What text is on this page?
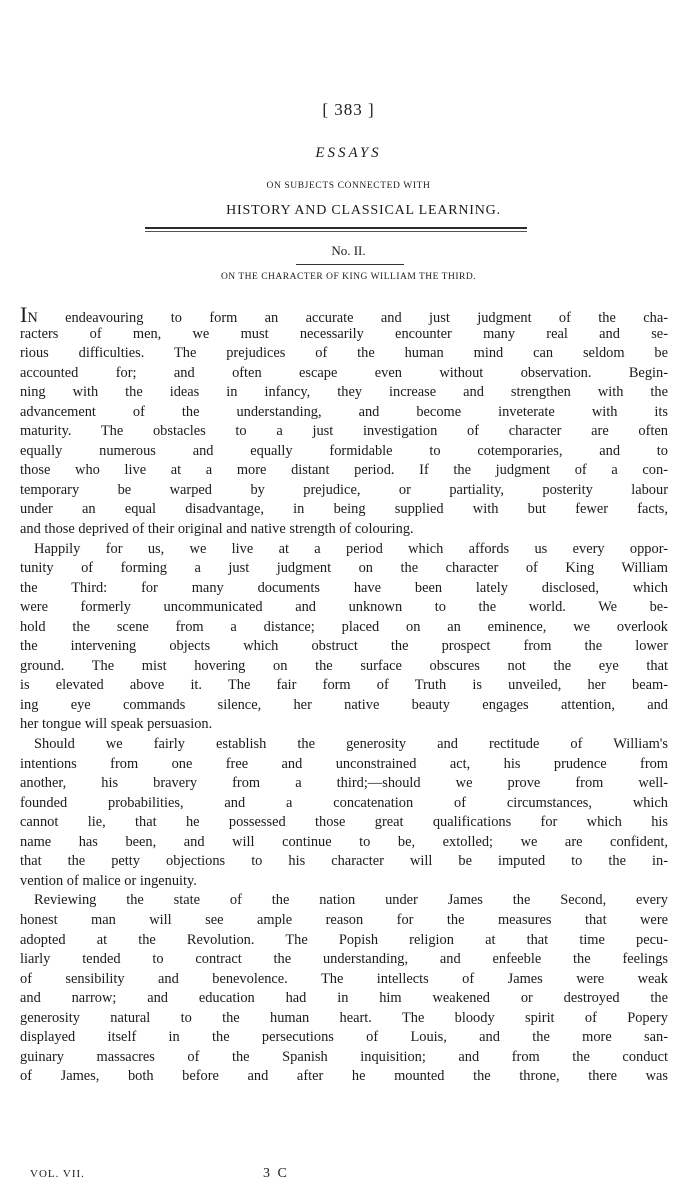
[ 383 ]
ESSAYS
ON SUBJECTS CONNECTED WITH
HISTORY AND CLASSICAL LEARNING.
No. II.
ON THE CHARACTER OF KING WILLIAM THE THIRD.
IN endeavouring to form an accurate and just judgment of the cha-
racters of men, we must necessarily encounter many real and se-
rious difficulties. The prejudices of the human mind can seldom be
accounted for; and often escape even without observation. Begin-
ning with the ideas in infancy, they increase and strengthen with the
advancement of the understanding, and become inveterate with its
maturity. The obstacles to a just investigation of character are often
equally numerous and equally formidable to cotemporaries, and to
those who live at a more distant period. If the judgment of a con-
temporary be warped by prejudice, or partiality, posterity labour
under an equal disadvantage, in being supplied with but fewer facts,
and those deprived of their original and native strength of colouring.
Happily for us, we live at a period which affords us every oppor-
tunity of forming a just judgment on the character of King William
the Third: for many documents have been lately disclosed, which
were formerly uncommunicated and unknown to the world. We be-
hold the scene from a distance; placed on an eminence, we overlook
the intervening objects which obstruct the prospect from the lower
ground. The mist hovering on the surface obscures not the eye that
is elevated above it. The fair form of Truth is unveiled, her beam-
ing eye commands silence, her native beauty engages attention, and
her tongue will speak persuasion.
Should we fairly establish the generosity and rectitude of William's
intentions from one free and unconstrained act, his prudence from
another, his bravery from a third;—should we prove from well-
founded probabilities, and a concatenation of circumstances, which
cannot lie, that he possessed those great qualifications for which his
name has been, and will continue to be, extolled; we are confident,
that the petty objections to his character will be imputed to the in-
vention of malice or ingenuity.
Reviewing the state of the nation under James the Second, every
honest man will see ample reason for the measures that were
adopted at the Revolution. The Popish religion at that time pecu-
liarly tended to contract the understanding, and enfeeble the feelings
of sensibility and benevolence. The intellects of James were weak
and narrow; and education had in him weakened or destroyed the
generosity natural to the human heart. The bloody spirit of Popery
displayed itself in the persecutions of Louis, and the more san-
guinary massacres of the Spanish inquisition; and from the conduct
of James, both before and after he mounted the throne, there was
VOL. VII.	3 C
